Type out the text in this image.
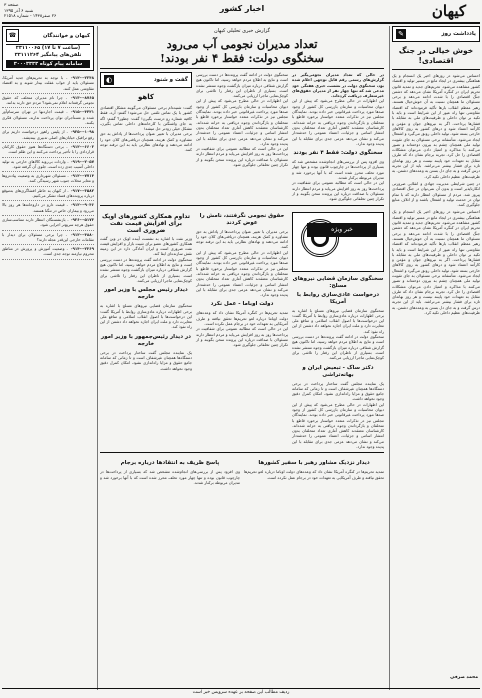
کیهان
اخبار کشور
صفحه ۳
شنبه ۶ آذر ۱۳۹۵
۲۶ صفر۱۴۳۸ - شماره ۲۱۵۱۸
یادداشت روز
✎
خوش خیالی در جنگ اقتصادی!
احساس می‌شود در روزهای اخیر یک انسجام و یک هماهنگی بیشتری در ایجاد مانع در مسیر تولید و اقتصاد کشور مشاهده می‌شود. تحریم‌های جدید و تمدید قانون تحریم ایران در کنگره آمریکا نشان می‌دهد که دشمن جنگ اقتصادی را با شدت ادامه می‌دهد و برخی مسئولان ما همچنان نسبت به آن خوش‌خیال هستند. رهبر معظم انقلاب بارها تأکید فرموده‌اند که اقتصاد مقاومتی تنها راه عبور از این شرایط است و باید با تکیه بر توان داخلی و ظرفیت‌های ملی به مقابله با فشارها پرداخت. اگر به نیروهای جوان و مؤمن و کارآمد اعتماد شود و درهای کشور به روی کالاهای خارجی بسته شود، تولید داخلی رونق می‌گیرد و اشتغال ایجاد می‌شود. متأسفانه برخی مسئولان به جای تقویت تولید ملی همچنان چشم به بیرون دوخته‌اند و تصور می‌کنند با مذاکره و امتیاز دادن می‌توان مشکلات اقتصادی را حل کرد. تجربه برجام نشان داد که طرف مقابل به تعهدات خود پایبند نیست و هر روز بهانه‌ای تازه برای فشار بیشتر می‌تراشد. باید از این تجربه درس گرفت و به جای دل بستن به وعده‌های دشمن، به ظرفیت‌های عظیم داخلی تکیه کرد.
در چنین شرایطی مدیریت جهادی و انقلابی ضرورتی انکارناپذیر است و بدون آن نمی‌توان در جنگ اقتصادی پیروز شد. مردم از مسئولان انتظار دارند که با تمام توان در خدمت تولید و اشتغال باشند و از اتلاف منابع جلوگیری کنند.
احساس می‌شود در روزهای اخیر یک انسجام و یک هماهنگی بیشتری در ایجاد مانع در مسیر تولید و اقتصاد کشور مشاهده می‌شود. تحریم‌های جدید و تمدید قانون تحریم ایران در کنگره آمریکا نشان می‌دهد که دشمن جنگ اقتصادی را با شدت ادامه می‌دهد و برخی مسئولان ما همچنان نسبت به آن خوش‌خیال هستند. رهبر معظم انقلاب بارها تأکید فرموده‌اند که اقتصاد مقاومتی تنها راه عبور از این شرایط است و باید با تکیه بر توان داخلی و ظرفیت‌های ملی به مقابله با فشارها پرداخت. اگر به نیروهای جوان و مؤمن و کارآمد اعتماد شود و درهای کشور به روی کالاهای خارجی بسته شود، تولید داخلی رونق می‌گیرد و اشتغال ایجاد می‌شود. متأسفانه برخی مسئولان به جای تقویت تولید ملی همچنان چشم به بیرون دوخته‌اند و تصور می‌کنند با مذاکره و امتیاز دادن می‌توان مشکلات اقتصادی را حل کرد. تجربه برجام نشان داد که طرف مقابل به تعهدات خود پایبند نیست و هر روز بهانه‌ای تازه برای فشار بیشتر می‌تراشد. باید از این تجربه درس گرفت و به جای دل بستن به وعده‌های دشمن، به ظرفیت‌های عظیم داخلی تکیه کرد.
محمد صرفی
گزارش خبری تحلیلی کیهان
تعداد مدیران نجومی آب می‌رود
سخنگوی دولت: فقط ۴ نفر بودند!
در حالی که تعداد مدیران نجومی‌بگیر در گزارش‌های رسمی رقم قابل توجهی اعلام شده بود، سخنگوی دولت در نشست خبری هفتگی خود مدعی شد که تنها چهار نفر از مدیران حقوق‌های غیرمتعارف دریافت کرده‌اند.
این اظهارات در حالی مطرح می‌شود که پیش از این دیوان محاسبات و سازمان بازرسی کل کشور از وجود صدها مورد پرداخت غیرقانونی خبر داده بودند. نمایندگان مجلس نیز در تذکرات متعدد خواستار برخورد قاطع با متخلفان و بازگرداندن وجوه دریافتی به خزانه شده‌اند. کارشناسان معتقدند کاهش آماری تعداد متخلفان بدون انتشار اسامی و جزئیات، اعتماد عمومی را خدشه‌دار می‌کند و نشان می‌دهد عزمی جدی برای مقابله با این پدیده وجود ندارد.
سخنگوی دولت: فقط ۴ نفر بودند
وی افزود پس از بررسی‌های انجام‌شده مشخص شد که بسیاری از پرداخت‌ها در چارچوب قانون بوده و تنها چهار مورد تخلف محرز شده است که با آنها برخورد شد و مدیران مربوطه برکنار شدند.
این در حالی است که مطالبه عمومی برای شفافیت در پرداخت‌ها روز به روز افزایش می‌یابد و مردم انتظار دارند مسئولان با صداقت درباره این پرونده سخن بگویند و از تکرار چنین تخلفاتی جلوگیری شود.
سخنگوی دولت در ادامه گفت پرونده‌ها در دست بررسی است و نتایج به اطلاع مردم خواهد رسید، اما تاکنون هیچ گزارش شفافی درباره میزان بازگشت وجوه منتشر نشده است. بسیاری از ناظران این رفتار را تلاشی برای کوچک‌نمایی ماجرا ارزیابی می‌کنند.
این اظهارات در حالی مطرح می‌شود که پیش از این دیوان محاسبات و سازمان بازرسی کل کشور از وجود صدها مورد پرداخت غیرقانونی خبر داده بودند. نمایندگان مجلس نیز در تذکرات متعدد خواستار برخورد قاطع با متخلفان و بازگرداندن وجوه دریافتی به خزانه شده‌اند. کارشناسان معتقدند کاهش آماری تعداد متخلفان بدون انتشار اسامی و جزئیات، اعتماد عمومی را خدشه‌دار می‌کند و نشان می‌دهد عزمی جدی برای مقابله با این پدیده وجود ندارد.
این در حالی است که مطالبه عمومی برای شفافیت در پرداخت‌ها روز به روز افزایش می‌یابد و مردم انتظار دارند مسئولان با صداقت درباره این پرونده سخن بگویند و از تکرار چنین تخلفاتی جلوگیری شود.
گفت و شنود
◐
کاهو
گفت: شنیده‌ام برخی مسئولان می‌گویند مشکل اقتصادی کشور با یک تماس تلفنی حل می‌شود! گفتم: آره، فقط کافیه شماره رو درست بگیرن! گفت: چطور؟ گفتم: اگه به جای واشنگتن با کارخانه‌های داخلی تماس بگیرن، مشکل خیلی زودتر حل میشه!
برخی مدیران با تغییر عنوان پرداخت‌ها از پاداش به حق مشاوره و کمک هزینه، همچنان دریافتی‌های کلان خود را ادامه می‌دهند و نهادهای نظارتی باید به این ترفند توجه کنند.
خبر ویژه
سخنگوی سازمان قضایی نیروهای مسلح:
درخواست عادی‌سازی روابط با آمریکا
سخنگوی سازمان قضایی نیروهای مسلح با اشاره به برخی اظهارات درباره عادی‌سازی روابط با آمریکا گفت: این درخواست‌ها با اصول انقلاب اسلامی و منافع ملی مغایرت دارد و ملت ایران اجازه نخواهد داد دشمن از این راه نفوذ کند.
سخنگوی دولت در ادامه گفت پرونده‌ها در دست بررسی است و نتایج به اطلاع مردم خواهد رسید، اما تاکنون هیچ گزارش شفافی درباره میزان بازگشت وجوه منتشر نشده است. بسیاری از ناظران این رفتار را تلاشی برای کوچک‌نمایی ماجرا ارزیابی می‌کنند.
دکتر ساک - تبعیض ایران و بهانه‌تراشی
یک نماینده مجلس گفت ساختار پرداخت در برخی دستگاه‌ها همچنان غیرشفاف است و تا زمانی که سامانه جامع حقوق و مزایا راه‌اندازی نشود، امکان کنترل دقیق وجود نخواهد داشت.
این اظهارات در حالی مطرح می‌شود که پیش از این دیوان محاسبات و سازمان بازرسی کل کشور از وجود صدها مورد پرداخت غیرقانونی خبر داده بودند. نمایندگان مجلس نیز در تذکرات متعدد خواستار برخورد قاطع با متخلفان و بازگرداندن وجوه دریافتی به خزانه شده‌اند. کارشناسان معتقدند کاهش آماری تعداد متخلفان بدون انتشار اسامی و جزئیات، اعتماد عمومی را خدشه‌دار می‌کند و نشان می‌دهد عزمی جدی برای مقابله با این پدیده وجود ندارد.
حقوق نجومی نگرفتند، نامش را عوض کردند
برخی مدیران با تغییر عنوان پرداخت‌ها از پاداش به حق مشاوره و کمک هزینه، همچنان دریافتی‌های کلان خود را ادامه می‌دهند و نهادهای نظارتی باید به این ترفند توجه کنند.
این اظهارات در حالی مطرح می‌شود که پیش از این دیوان محاسبات و سازمان بازرسی کل کشور از وجود صدها مورد پرداخت غیرقانونی خبر داده بودند. نمایندگان مجلس نیز در تذکرات متعدد خواستار برخورد قاطع با متخلفان و بازگرداندن وجوه دریافتی به خزانه شده‌اند. کارشناسان معتقدند کاهش آماری تعداد متخلفان بدون انتشار اسامی و جزئیات، اعتماد عمومی را خدشه‌دار می‌کند و نشان می‌دهد عزمی جدی برای مقابله با این پدیده وجود ندارد.
دولت اوباما - عمل نکرد
تمدید تحریم‌ها در کنگره آمریکا نشان داد که وعده‌های دولت اوباما درباره لغو تحریم‌ها تحقق نیافته و طرف آمریکایی به تعهدات خود در برجام عمل نکرده است.
این در حالی است که مطالبه عمومی برای شفافیت در پرداخت‌ها روز به روز افزایش می‌یابد و مردم انتظار دارند مسئولان با صداقت درباره این پرونده سخن بگویند و از تکرار چنین تخلفاتی جلوگیری شود.
تداوم همکاری کشورهای اوپک برای افزایش قیمت نفت ضروری است
وزیر نفت با اشاره به نشست آینده اوپک در وین گفت همکاری کشورهای عضو برای تثبیت بازار و افزایش قیمت نفت ضروری است و ایران آمادگی دارد در این زمینه نقش سازنده‌ای ایفا کند.
سخنگوی دولت در ادامه گفت پرونده‌ها در دست بررسی است و نتایج به اطلاع مردم خواهد رسید، اما تاکنون هیچ گزارش شفافی درباره میزان بازگشت وجوه منتشر نشده است. بسیاری از ناظران این رفتار را تلاشی برای کوچک‌نمایی ماجرا ارزیابی می‌کنند.
دیدار رئیس مجلس با وزیر امور خارجه
سخنگوی سازمان قضایی نیروهای مسلح با اشاره به برخی اظهارات درباره عادی‌سازی روابط با آمریکا گفت: این درخواست‌ها با اصول انقلاب اسلامی و منافع ملی مغایرت دارد و ملت ایران اجازه نخواهد داد دشمن از این راه نفوذ کند.
در دیدار رئیس‌جمهور با وزیر امور خارجه
یک نماینده مجلس گفت ساختار پرداخت در برخی دستگاه‌ها همچنان غیرشفاف است و تا زمانی که سامانه جامع حقوق و مزایا راه‌اندازی نشود، امکان کنترل دقیق وجود نخواهد داشت.
دیدار نزدیک مشاور رهبر با سفیر کشورها
تمدید تحریم‌ها در کنگره آمریکا نشان داد که وعده‌های دولت اوباما درباره لغو تحریم‌ها تحقق نیافته و طرف آمریکایی به تعهدات خود در برجام عمل نکرده است.
پاسخ ظریف به انتقادها درباره برجام
وی افزود پس از بررسی‌های انجام‌شده مشخص شد که بسیاری از پرداخت‌ها در چارچوب قانون بوده و تنها چهار مورد تخلف محرز شده است که با آنها برخورد شد و مدیران مربوطه برکنار شدند.
کیهان و خوانندگان
☎
۳۳۱۱۰۰۶۵ (ساعت ۷ تا ۱۷)
۳۳۱۱۱۲۶۴ تلفن‌های پیامگیر
سامانه پیام کوتاه ۳۰۰۰۳۳۳۳
۰۹۱۲---۲۳۴۸ - با توجه به تحریم‌های جدید آمریکا، مسئولان باید از خواب غفلت بیدار شوند و به اقتصاد مقاومتی عمل کنند.
۰۹۱۳---۸۷۶۵ - چرا نام مدیران متخلف که حقوق نجومی گرفته‌اند اعلام نمی‌شود؟ مردم حق دارند بدانند.
۰۹۱۵---۴۴۲۱ - قیمت اجاره‌بها در تهران سرسام‌آور شده و مستأجران توان پرداخت ندارند، مسئولان فکری بکنند.
۰۹۳۵---۱۰۹۸ - از پلیس راهور درخواست داریم برای رفع ترافیک خیابان‌های اصلی تدبیری بیندیشد.
۰۹۱۲---۶۶۰۳ - برخی دستگاه‌ها هنوز حقوق کارکنان قراردادی را با تأخیر پرداخت می‌کنند و این ظلم است.
۰۹۱۹---۲۰۵۷ - واردات بی‌رویه کالاهای خارجی به تولید داخلی آسیب جدی زده است، جلوی آن گرفته شود.
۰۹۱۲---۷۷۱۴ - مسئولان شهرداری به وضعیت پیاده‌روها و معابر محلات جنوب شهر رسیدگی کنند.
۰۹۱۷---۳۵۸۲ - از کیهان به خاطر افشاگری‌های به‌موقع درباره پرونده‌های فساد تشکر می‌کنیم.
۰۹۱۲---۹۰۴۶ - قیمت دارو در داروخانه‌ها هر روز بالا می‌رود و بیماران خاص در تنگنا هستند.
۰۹۳۶---۵۱۷۳ - بازنشستگان انتظار دارند متناسب‌سازی حقوق هرچه سریع‌تر اجرایی شود.
۰۹۱۲---۴۸۸۰ - چرا برخی مسئولان برای دیدار با مقامات خارجی این‌قدر عجله دارند؟
۰۹۱۴---۲۲۶۹ - وضعیت آموزش و پرورش در مناطق محروم نیازمند توجه جدی است.
ردیف مطالب این صفحه بر عهده سرویس خبر است
